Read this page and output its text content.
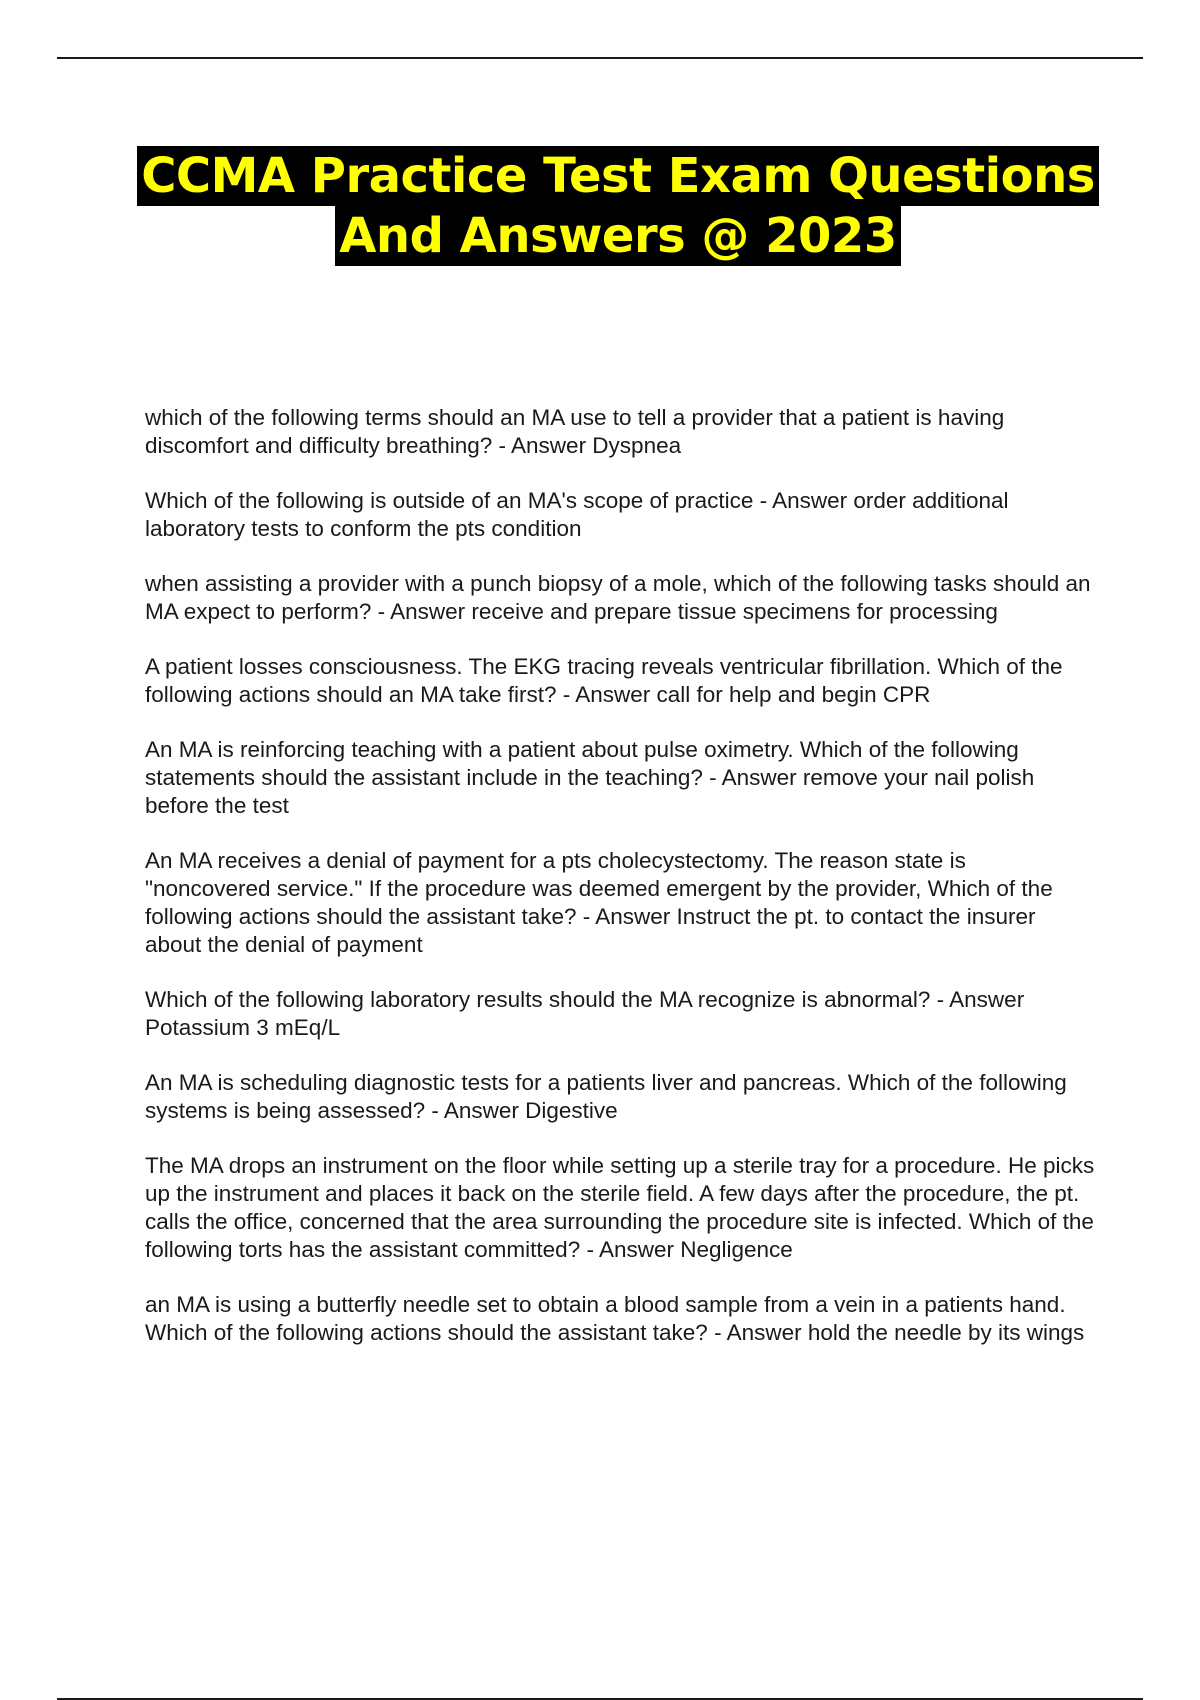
CCMA Practice Test Exam Questions
And Answers @ 2023

which of the following terms should an MA use to tell a provider that a patient is having discomfort and difficulty breathing? - Answer Dyspnea

Which of the following is outside of an MA's scope of practice - Answer order additional laboratory tests to conform the pts condition

when assisting a provider with a punch biopsy of a mole, which of the following tasks should an MA expect to perform? - Answer receive and prepare tissue specimens for processing

A patient losses consciousness. The EKG tracing reveals ventricular fibrillation. Which of the following actions should an MA take first? - Answer call for help and begin CPR

An MA is reinforcing teaching with a patient about pulse oximetry. Which of the following statements should the assistant include in the teaching? - Answer remove your nail polish before the test

An MA receives a denial of payment for a pts cholecystectomy. The reason state is "noncovered service." If the procedure was deemed emergent by the provider, Which of the following actions should the assistant take? - Answer Instruct the pt. to contact the insurer about the denial of payment

Which of the following laboratory results should the MA recognize is abnormal? - Answer Potassium 3 mEq/L

An MA is scheduling diagnostic tests for a patients liver and pancreas. Which of the following systems is being assessed? - Answer Digestive

The MA drops an instrument on the floor while setting up a sterile tray for a procedure. He picks up the instrument and places it back on the sterile field. A few days after the procedure, the pt. calls the office, concerned that the area surrounding the procedure site is infected. Which of the following torts has the assistant committed? - Answer Negligence

an MA is using a butterfly needle set to obtain a blood sample from a vein in a patients hand. Which of the following actions should the assistant take? - Answer hold the needle by its wings
